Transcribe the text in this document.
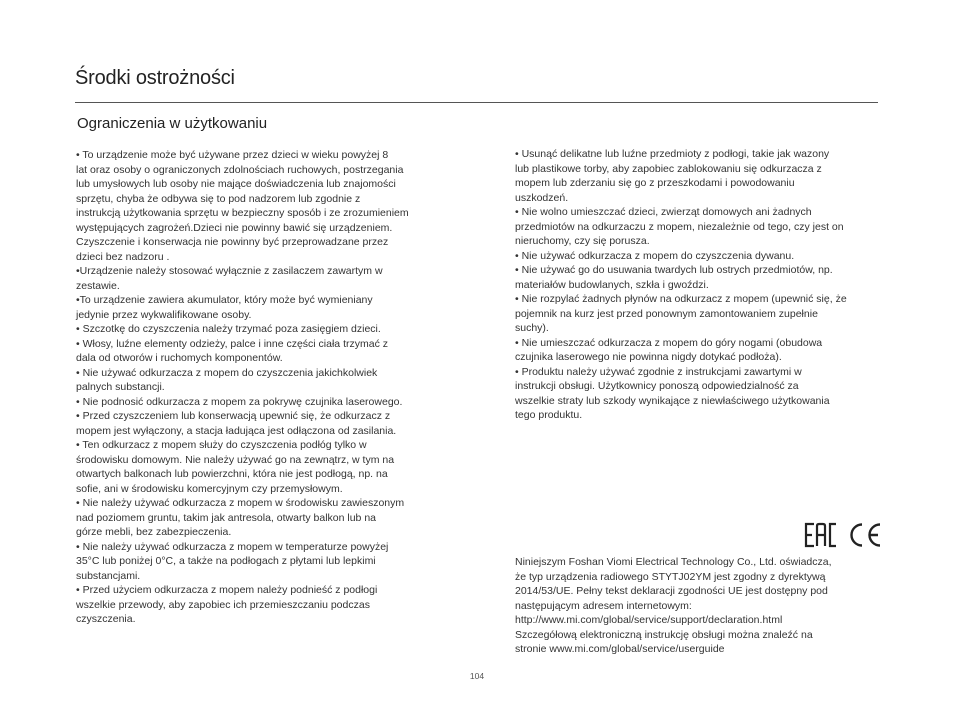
Środki ostrożności
Ograniczenia w użytkowaniu

• To urządzenie może być używane przez dzieci w wieku powyżej 8
lat oraz osoby o ograniczonych zdolnościach ruchowych, postrzegania
lub umysłowych lub osoby nie mające doświadczenia lub znajomości
sprzętu, chyba że odbywa się to pod nadzorem lub zgodnie z
instrukcją użytkowania sprzętu w bezpieczny sposób i ze zrozumieniem
występujących zagrożeń.Dzieci nie powinny bawić się urządzeniem.
Czyszczenie i konserwacja nie powinny być przeprowadzane przez
dzieci bez nadzoru .

•Urządzenie należy stosować wyłącznie z zasilaczem zawartym w
zestawie.

•To urządzenie zawiera akumulator, który może być wymieniany
jedynie przez wykwalifikowane osoby.

• Szczotkę do czyszczenia należy trzymać poza zasięgiem dzieci.

• Włosy, luźne elementy odzieży, palce i inne części ciała trzymać z
dala od otworów i ruchomych komponentów.

• Nie używać odkurzacza z mopem do czyszczenia jakichkolwiek
palnych substancji.

• Nie podnosić odkurzacza z mopem za pokrywę czujnika laserowego.

• Przed czyszczeniem lub konserwacją upewnić się, że odkurzacz z
mopem jest wyłączony, a stacja ładująca jest odłączona od zasilania.

• Ten odkurzacz z mopem służy do czyszczenia podłóg tylko w
środowisku domowym. Nie należy używać go na zewnątrz, w tym na
otwartych balkonach lub powierzchni, która nie jest podłogą, np. na
sofie, ani w środowisku komercyjnym czy przemysłowym.

• Nie należy używać odkurzacza z mopem w środowisku zawieszonym
nad poziomem gruntu, takim jak antresola, otwarty balkon lub na
górze mebli, bez zabezpieczenia.

• Nie należy używać odkurzacza z mopem w temperaturze powyżej
35°C lub poniżej 0°C, a także na podłogach z płytami lub lepkimi
substancjami.

• Przed użyciem odkurzacza z mopem należy podnieść z podłogi
wszelkie przewody, aby zapobiec ich przemieszczaniu podczas
czyszczenia.

• Usunąć delikatne lub luźne przedmioty z podłogi, takie jak wazony
lub plastikowe torby, aby zapobiec zablokowaniu się odkurzacza z
mopem lub zderzaniu się go z przeszkodami i powodowaniu
uszkodzeń.

• Nie wolno umieszczać dzieci, zwierząt domowych ani żadnych
przedmiotów na odkurzaczu z mopem, niezależnie od tego, czy jest on
nieruchomy, czy się porusza.

• Nie używać odkurzacza z mopem do czyszczenia dywanu.

• Nie używać go do usuwania twardych lub ostrych przedmiotów, np.
materiałów budowlanych, szkła i gwoździ.

• Nie rozpylać żadnych płynów na odkurzacz z mopem (upewnić się, że
pojemnik na kurz jest przed ponownym zamontowaniem zupełnie
suchy).

• Nie umieszczać odkurzacza z mopem do góry nogami (obudowa
czujnika laserowego nie powinna nigdy dotykać podłoża).

• Produktu należy używać zgodnie z instrukcjami zawartymi w
instrukcji obsługi. Użytkownicy ponoszą odpowiedzialność za
wszelkie straty lub szkody wynikające z niewłaściwego użytkowania
tego produktu.

Niniejszym Foshan Viomi Electrical Technology Co., Ltd. oświadcza,
że typ urządzenia radiowego STYTJ02YM jest zgodny z dyrektywą
2014/53/UE. Pełny tekst deklaracji zgodności UE jest dostępny pod
następującym adresem internetowym:
http://www.mi.com/global/service/support/declaration.html
Szczegółową elektroniczną instrukcję obsługi można znaleźć na
stronie www.mi.com/global/service/userguide

104
